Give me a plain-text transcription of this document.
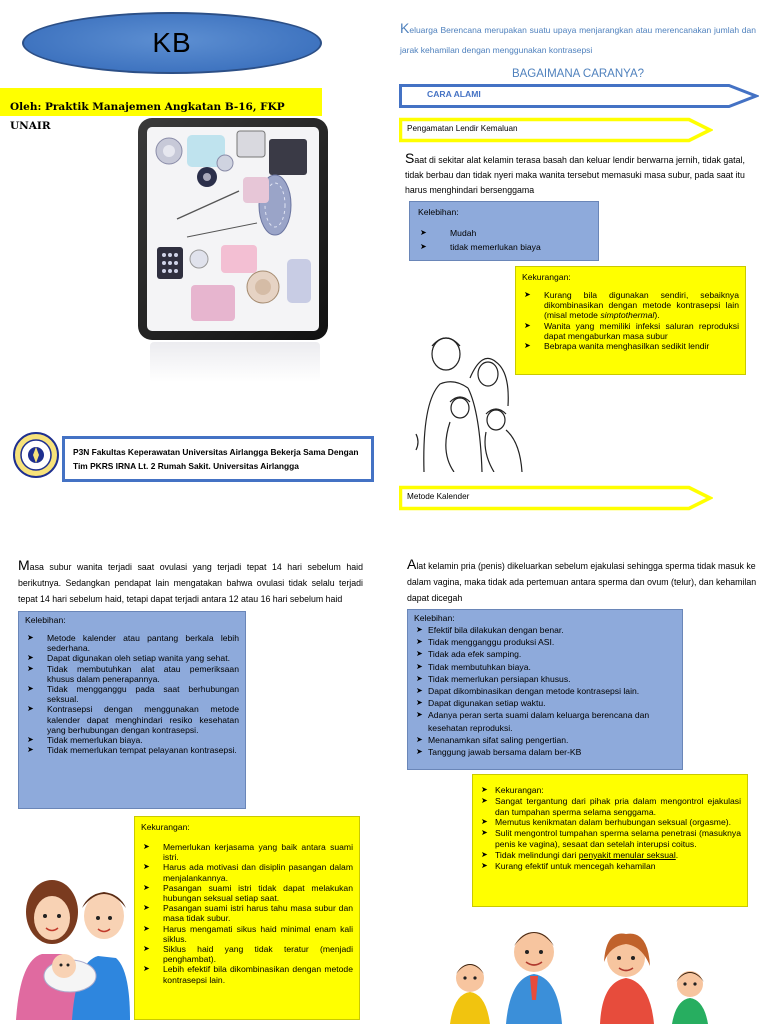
KB
Oleh: Praktik Manajemen Angkatan B-16, FKP UNAIR
P3N Fakultas Keperawatan Universitas Airlangga Bekerja Sama Dengan Tim PKRS IRNA Lt. 2 Rumah Sakit. Universitas Airlangga
Keluarga Berencana merupakan suatu upaya menjarangkan atau merencanakan jumlah dan jarak kehamilan dengan menggunakan kontrasepsi
BAGAIMANA CARANYA?
CARA ALAMI
Pengamatan Lendir Kemaluan
Saat di sekitar alat kelamin terasa basah dan keluar lendir berwarna jernih, tidak gatal, tidak berbau dan tidak nyeri maka wanita tersebut memasuki masa subur, pada saat itu harus menghindari bersenggama
Kelebihan:
➤ Mudah
➤ tidak memerlukan biaya
Kekurangan:
➤ Kurang bila digunakan sendiri, sebaiknya dikombinasikan dengan metode kontrasepsi lain (misal metode simptothermal).
➤ Wanita yang memiliki infeksi saluran reproduksi dapat mengaburkan masa subur
➤ Bebrapa wanita menghasilkan sedikit lendir
Metode Kalender
Masa subur wanita terjadi saat ovulasi yang terjadi tepat 14 hari sebelum haid berikutnya. Sedangkan pendapat lain mengatakan bahwa ovulasi tidak selalu terjadi tepat 14 hari sebelum haid, tetapi dapat terjadi antara 12 atau 16 hari sebelum haid
Kelebihan:
➤ Metode kalender atau pantang berkala lebih sederhana.
➤ Dapat digunakan oleh setiap wanita yang sehat.
➤ Tidak membutuhkan alat atau pemeriksaan khusus dalam penerapannya.
➤ Tidak mengganggu pada saat berhubungan seksual.
➤ Kontrasepsi dengan menggunakan metode kalender dapat menghindari resiko kesehatan yang berhubungan dengan kontrasepsi.
➤ Tidak memerlukan biaya.
➤ Tidak memerlukan tempat pelayanan kontrasepsi.
Kekurangan:
➤ Memerlukan kerjasama yang baik antara suami istri.
➤ Harus ada motivasi dan disiplin pasangan dalam menjalankannya.
➤ Pasangan suami istri tidak dapat melakukan hubungan seksual setiap saat.
➤ Pasangan suami istri harus tahu masa subur dan masa tidak subur.
➤ Harus mengamati sikus haid minimal enam kali siklus.
➤ Siklus haid yang tidak teratur (menjadi penghambat).
➤ Lebih efektif bila dikombinasikan dengan metode kontrasepsi lain.
Alat kelamin pria (penis) dikeluarkan sebelum ejakulasi sehingga sperma tidak masuk ke dalam vagina, maka tidak ada pertemuan antara sperma dan ovum (telur), dan kehamilan dapat dicegah
Kelebihan:
➤ Efektif bila dilakukan dengan benar.
➤ Tidak mengganggu produksi ASI.
➤ Tidak ada efek samping.
➤ Tidak membutuhkan biaya.
➤ Tidak memerlukan persiapan khusus.
➤ Dapat dikombinasikan dengan metode kontrasepsi lain.
➤ Dapat digunakan setiap waktu.
➤ Adanya peran serta suami dalam keluarga berencana dan kesehatan reproduksi.
➤ Menanamkan sifat saling pengertian.
➤ Tanggung jawab bersama dalam ber-KB
➤ Kekurangan:
➤ Sangat tergantung dari pihak pria dalam mengontrol ejakulasi dan tumpahan sperma selama senggama.
➤ Memutus kenikmatan dalam berhubungan seksual (orgasme).
➤ Sulit mengontrol tumpahan sperma selama penetrasi (masuknya penis ke vagina), sesaat dan setelah interupsi coitus.
➤ Tidak melindungi dari penyakit menular seksual.
➤ Kurang efektif untuk mencegah kehamilan
